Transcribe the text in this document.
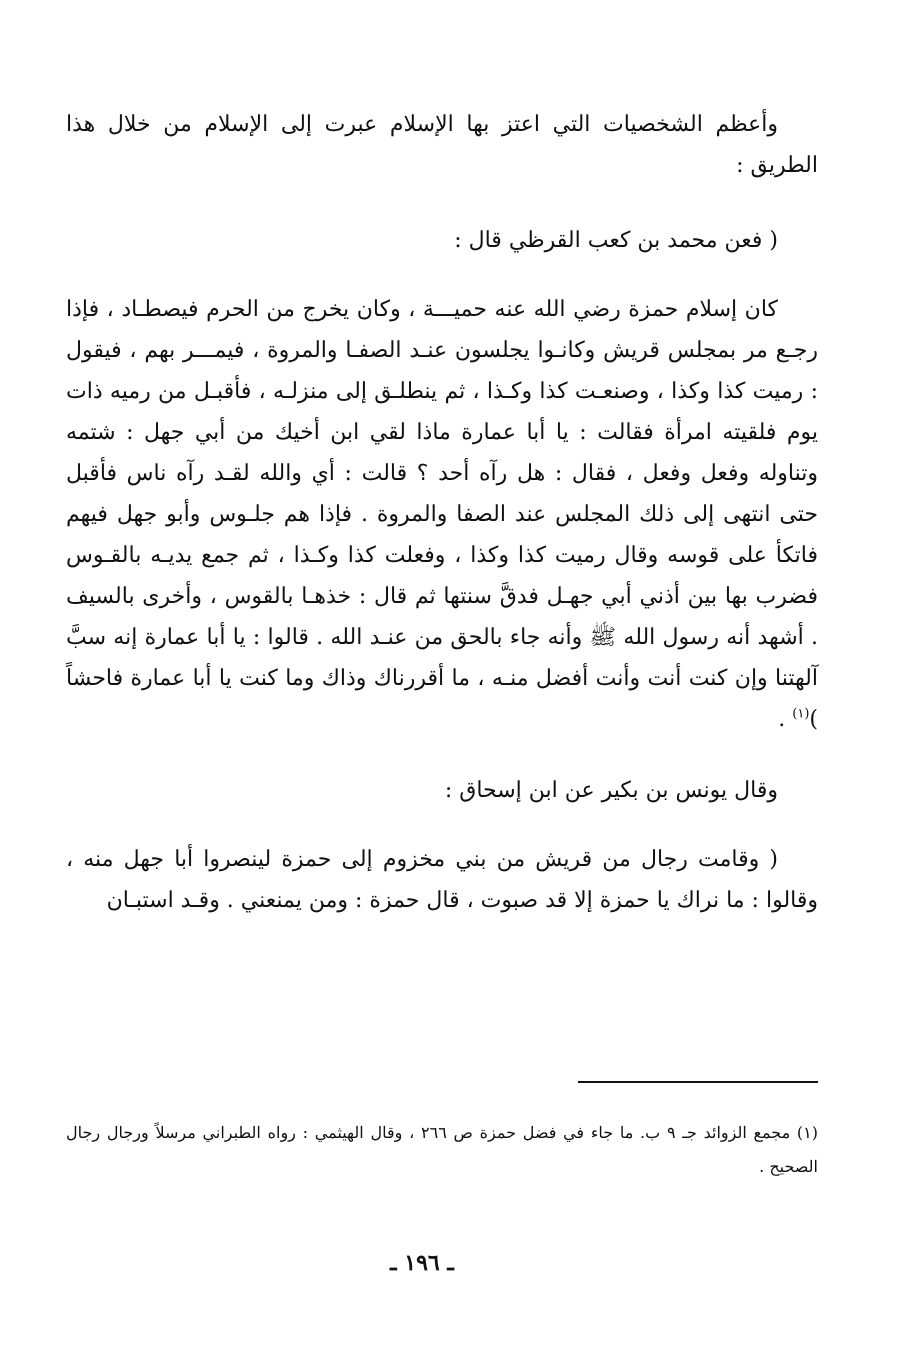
وأعظم الشخصيات التي اعتز بها الإسلام عبرت إلى الإسلام من خلال هذا الطريق :

( فعن محمد بن كعب القرظي قال :

كان إسلام حمزة رضي الله عنه حميـــة ، وكان يخرج من الحرم فيصطـاد ، فإذا رجـع مر بمجلس قريش وكانـوا يجلسون عنـد الصفـا والمروة ، فيمـــر بهم ، فيقول : رميت كذا وكذا ، وصنعـت كذا وكـذا ، ثم ينطلـق إلى منزلـه ، فأقبـل من رميه ذات يوم فلقيته امرأة فقالت : يا أبا عمارة ماذا لقي ابن أخيك من أبي جهل : شتمه وتناوله وفعل وفعل ، فقال : هل رآه أحد ؟ قالت : أي والله لقـد رآه ناس فأقبل حتى انتهى إلى ذلك المجلس عند الصفا والمروة . فإذا هم جلـوس وأبو جهل فيهم فاتكأ على قوسه وقال رميت كذا وكذا ، وفعلت كذا وكـذا ، ثم جمع يديـه بالقـوس فضرب بها بين أذني أبي جهـل فدقَّ سنتها ثم قال : خذهـا بالقوس ، وأخرى بالسيف . أشهد أنه رسول الله ﷺ وأنه جاء بالحق من عنـد الله . قالوا : يا أبا عمارة إنه سبَّ آلهتنا وإن كنت أنت وأنت أفضل منـه ، ما أقررناك وذاك وما كنت يا أبا عمارة فاحشاً )$^{(١)}$ .

وقال يونس بن بكير عن ابن إسحاق :

( وقامت رجال من قريش من بني مخزوم إلى حمزة لينصروا أبا جهل منه ، وقالوا : ما نراك يا حمزة إلا قد صبوت ، قال حمزة : ومن يمنعني . وقـد استبـان

(١) مجمع الزوائد جـ ٩ ب. ما جاء في فضل حمزة ص ٢٦٦ ، وقال الهيثمي : رواه الطبراني مرسلاً ورجال رجال الصحيح .

ـ ١٩٦ ـ
